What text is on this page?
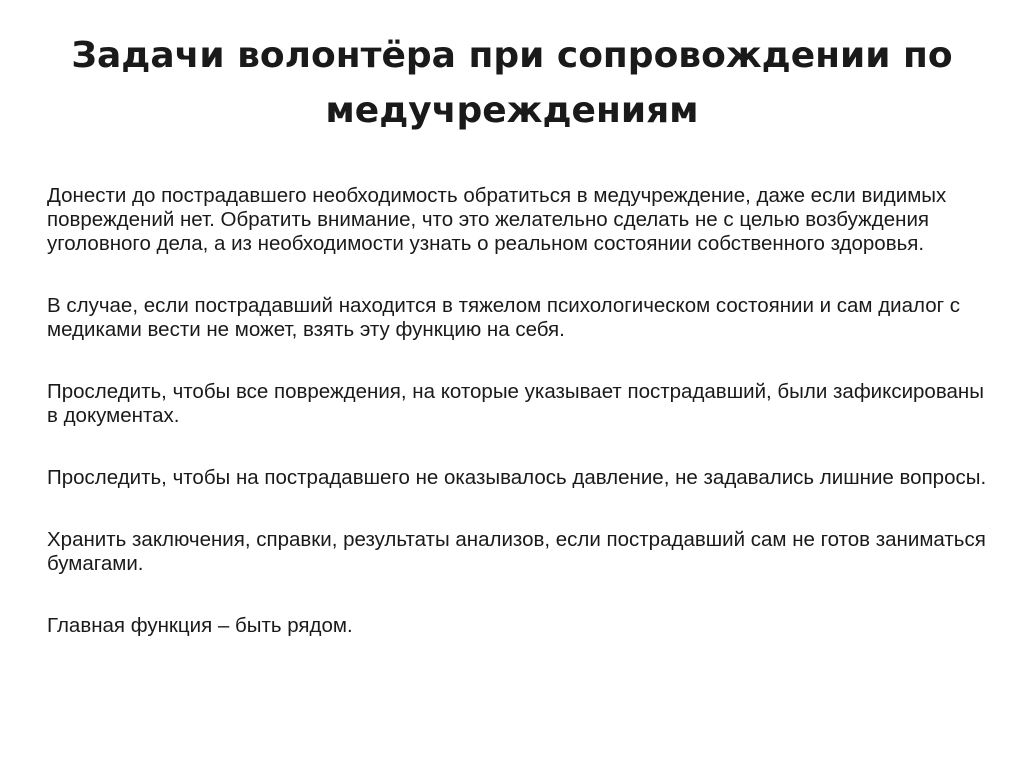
Задачи волонтёра при сопровождении по медучреждениям
Донести до пострадавшего необходимость обратиться в медучреждение, даже если видимых повреждений нет. Обратить внимание, что это желательно сделать не с целью возбуждения уголовного дела, а из необходимости узнать о реальном состоянии собственного здоровья.
В случае, если пострадавший находится в тяжелом психологическом состоянии и сам диалог с медиками вести не может, взять эту функцию на себя.
Проследить, чтобы все повреждения, на которые указывает пострадавший, были зафиксированы в документах.
Проследить, чтобы на пострадавшего не оказывалось давление, не задавались лишние вопросы.
Хранить заключения, справки, результаты анализов, если пострадавший сам не готов заниматься бумагами.
Главная функция – быть рядом.
